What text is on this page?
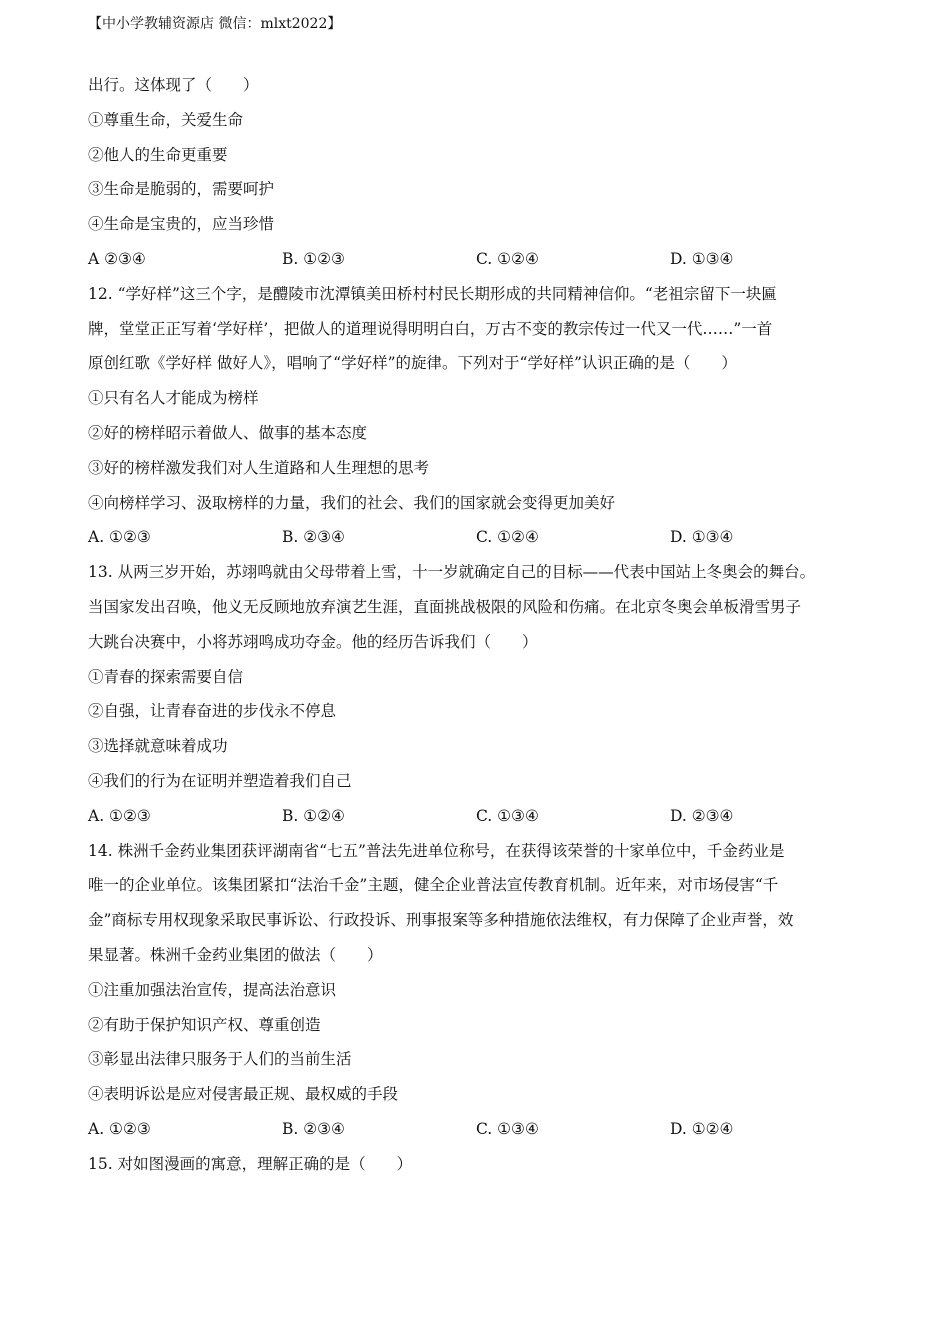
【中小学教辅资源店 微信：mlxt2022】
出行。这体现了（　　）
①尊重生命，关爱生命
②他人的生命更重要
③生命是脆弱的，需要呵护
④生命是宝贵的，应当珍惜
A ②③④	B. ①②③	C. ①②④	D. ①③④
12. “学好样”这三个字，是醴陵市沈潭镇美田桥村村民长期形成的共同精神信仰。“老祖宗留下一块匾
牌，堂堂正正写着‘学好样’，把做人的道理说得明明白白，万古不变的教宗传过一代又一代……”一首
原创红歌《学好样 做好人》，唱响了“学好样”的旋律。下列对于“学好样”认识正确的是（　　）
①只有名人才能成为榜样
②好的榜样昭示着做人、做事的基本态度
③好的榜样激发我们对人生道路和人生理想的思考
④向榜样学习、汲取榜样的力量，我们的社会、我们的国家就会变得更加美好
A. ①②③	B. ②③④	C. ①②④	D. ①③④
13. 从两三岁开始，苏翊鸣就由父母带着上雪，十一岁就确定自己的目标——代表中国站上冬奥会的舞台。
当国家发出召唤，他义无反顾地放弃演艺生涯，直面挑战极限的风险和伤痛。在北京冬奥会单板滑雪男子
大跳台决赛中，小将苏翊鸣成功夺金。他的经历告诉我们（　　）
①青春的探索需要自信
②自强，让青春奋进的步伐永不停息
③选择就意味着成功
④我们的行为在证明并塑造着我们自己
A. ①②③	B. ①②④	C. ①③④	D. ②③④
14. 株洲千金药业集团获评湖南省“七五”普法先进单位称号，在获得该荣誉的十家单位中，千金药业是
唯一的企业单位。该集团紧扣“法治千金”主题，健全企业普法宣传教育机制。近年来，对市场侵害“千
金”商标专用权现象采取民事诉讼、行政投诉、刑事报案等多种措施依法维权，有力保障了企业声誉，效
果显著。株洲千金药业集团的做法（　　）
①注重加强法治宣传，提高法治意识
②有助于保护知识产权、尊重创造
③彰显出法律只服务于人们的当前生活
④表明诉讼是应对侵害最正规、最权威的手段
A. ①②③	B. ②③④	C. ①③④	D. ①②④
15. 对如图漫画的寓意，理解正确的是（　　）
